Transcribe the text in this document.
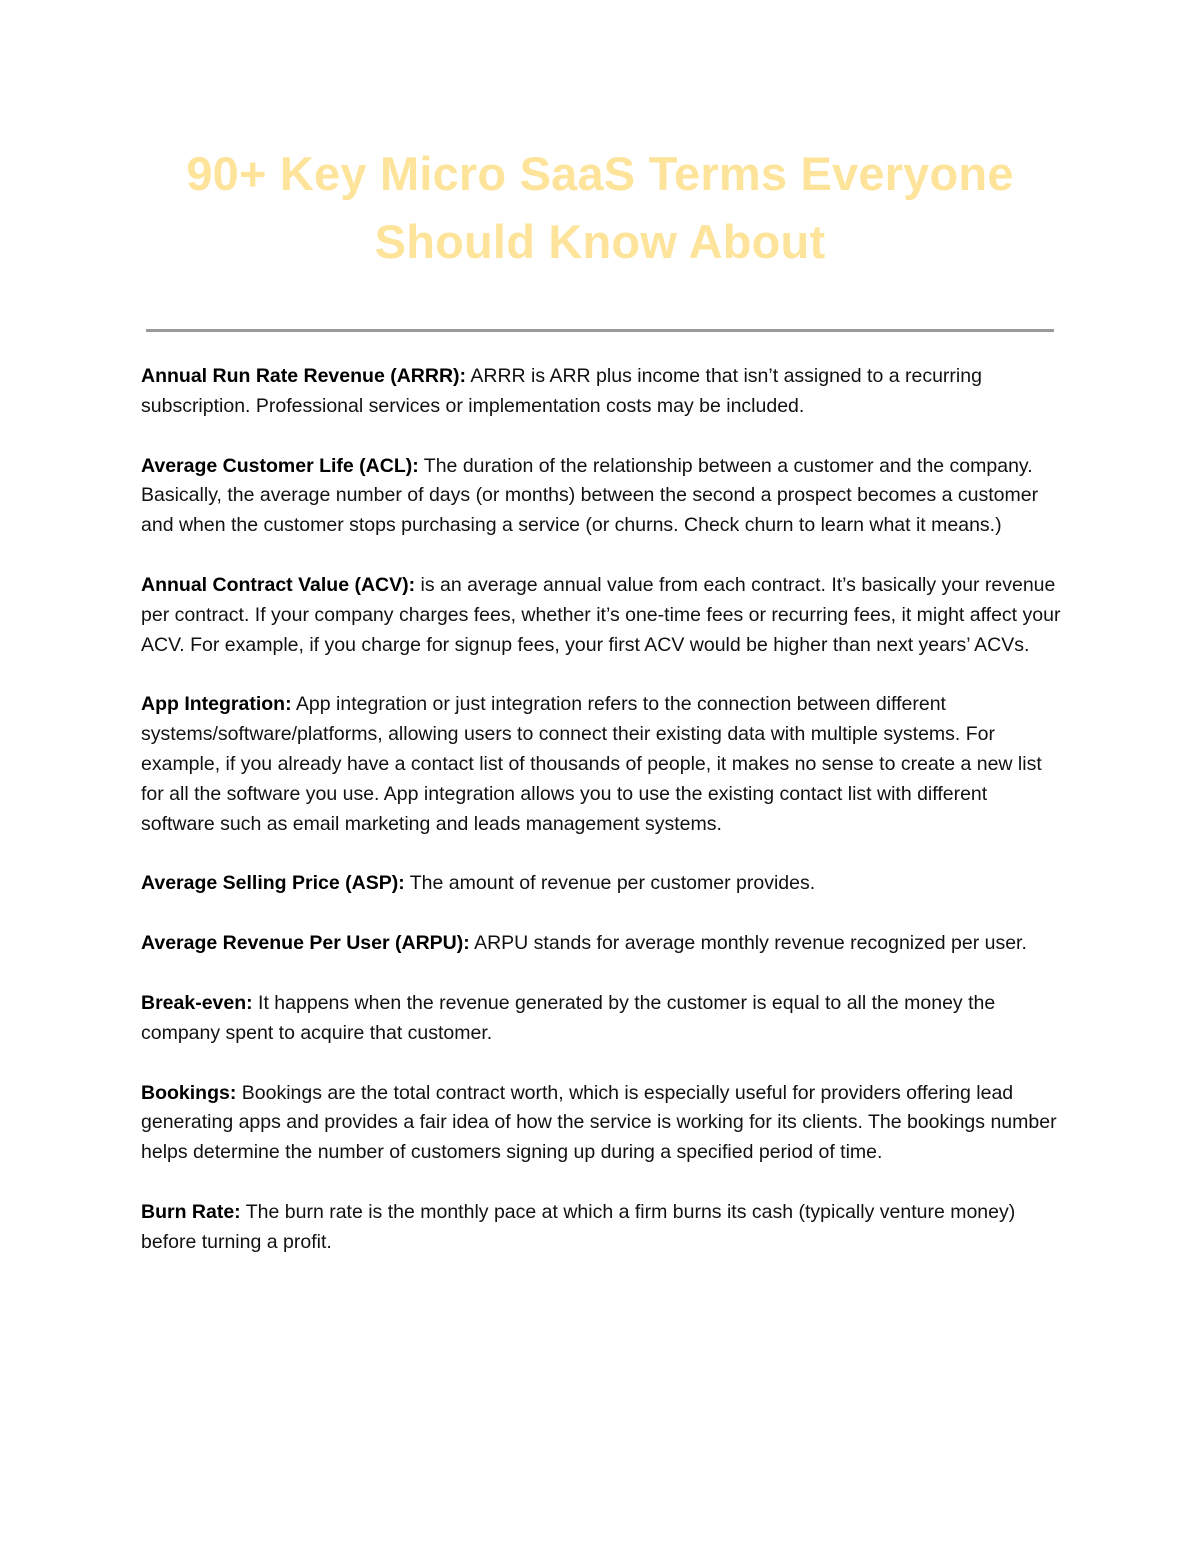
90+ Key Micro SaaS Terms Everyone Should Know About

Annual Run Rate Revenue (ARRR): ARRR is ARR plus income that isn’t assigned to a recurring subscription. Professional services or implementation costs may be included.

Average Customer Life (ACL): The duration of the relationship between a customer and the company. Basically, the average number of days (or months) between the second a prospect becomes a customer and when the customer stops purchasing a service (or churns. Check churn to learn what it means.)

Annual Contract Value (ACV): is an average annual value from each contract. It’s basically your revenue per contract. If your company charges fees, whether it’s one-time fees or recurring fees, it might affect your ACV. For example, if you charge for signup fees, your first ACV would be higher than next years’ ACVs.

App Integration: App integration or just integration refers to the connection between different systems/software/platforms, allowing users to connect their existing data with multiple systems. For example, if you already have a contact list of thousands of people, it makes no sense to create a new list for all the software you use. App integration allows you to use the existing contact list with different software such as email marketing and leads management systems.

Average Selling Price (ASP): The amount of revenue per customer provides.

Average Revenue Per User (ARPU): ARPU stands for average monthly revenue recognized per user.

Break-even: It happens when the revenue generated by the customer is equal to all the money the company spent to acquire that customer.

Bookings: Bookings are the total contract worth, which is especially useful for providers offering lead generating apps and provides a fair idea of how the service is working for its clients. The bookings number helps determine the number of customers signing up during a specified period of time.

Burn Rate: The burn rate is the monthly pace at which a firm burns its cash (typically venture money) before turning a profit.
